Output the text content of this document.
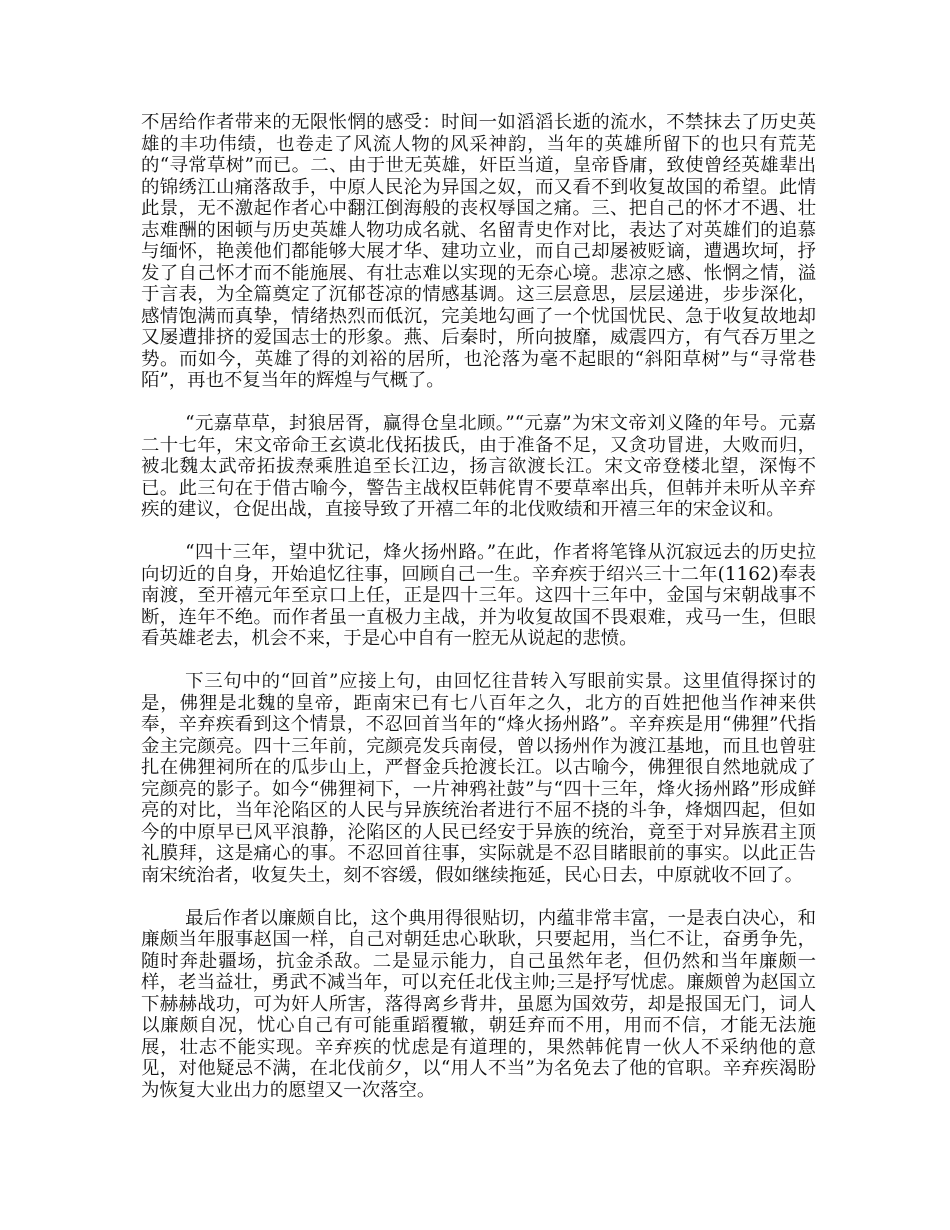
不居给作者带来的无限怅惘的感受：时间一如滔滔长逝的流水，不禁抹去了历史英雄的丰功伟绩，也卷走了风流人物的风采神韵，当年的英雄所留下的也只有荒芜的“寻常草树”而已。二、由于世无英雄，奸臣当道，皇帝昏庸，致使曾经英雄辈出的锦绣江山痛落敌手，中原人民沦为异国之奴，而又看不到收复故国的希望。此情此景，无不激起作者心中翻江倒海般的丧权辱国之痛。三、把自己的怀才不遇、壮志难酬的困顿与历史英雄人物功成名就、名留青史作对比，表达了对英雄们的追慕与缅怀，艳羡他们都能够大展才华、建功立业，而自己却屡被贬谪，遭遇坎坷，抒发了自己怀才而不能施展、有壮志难以实现的无奈心境。悲凉之感、怅惘之情，溢于言表，为全篇奠定了沉郁苍凉的情感基调。这三层意思，层层递进，步步深化，感情饱满而真挚，情绪热烈而低沉，完美地勾画了一个忧国忧民、急于收复故地却又屡遭排挤的爱国志士的形象。燕、后秦时，所向披靡，威震四方，有气吞万里之势。而如今，英雄了得的刘裕的居所，也沦落为毫不起眼的“斜阳草树”与“寻常巷陌”，再也不复当年的辉煌与气概了。

“元嘉草草，封狼居胥，赢得仓皇北顾。”“元嘉”为宋文帝刘义隆的年号。元嘉二十七年，宋文帝命王玄谟北伐拓拔氏，由于准备不足，又贪功冒进，大败而归，被北魏太武帝拓拔焘乘胜追至长江边，扬言欲渡长江。宋文帝登楼北望，深悔不已。此三句在于借古喻今，警告主战权臣韩侂胄不要草率出兵，但韩并未听从辛弃疾的建议，仓促出战，直接导致了开禧二年的北伐败绩和开禧三年的宋金议和。

“四十三年，望中犹记，烽火扬州路。”在此，作者将笔锋从沉寂远去的历史拉向切近的自身，开始追忆往事，回顾自己一生。辛弃疾于绍兴三十二年(1162)奉表南渡，至开禧元年至京口上任，正是四十三年。这四十三年中，金国与宋朝战事不断，连年不绝。而作者虽一直极力主战，并为收复故国不畏艰难，戎马一生，但眼看英雄老去，机会不来，于是心中自有一腔无从说起的悲愤。

下三句中的“回首”应接上句，由回忆往昔转入写眼前实景。这里值得探讨的是，佛狸是北魏的皇帝，距南宋已有七八百年之久，北方的百姓把他当作神来供奉，辛弃疾看到这个情景，不忍回首当年的“烽火扬州路”。辛弃疾是用“佛狸”代指金主完颜亮。四十三年前，完颜亮发兵南侵，曾以扬州作为渡江基地，而且也曾驻扎在佛狸祠所在的瓜步山上，严督金兵抢渡长江。以古喻今，佛狸很自然地就成了完颜亮的影子。如今“佛狸祠下，一片神鸦社鼓”与“四十三年，烽火扬州路”形成鲜亮的对比，当年沦陷区的人民与异族统治者进行不屈不挠的斗争，烽烟四起，但如今的中原早已风平浪静，沦陷区的人民已经安于异族的统治，竟至于对异族君主顶礼膜拜，这是痛心的事。不忍回首往事，实际就是不忍目睹眼前的事实。以此正告南宋统治者，收复失土，刻不容缓，假如继续拖延，民心日去，中原就收不回了。

最后作者以廉颇自比，这个典用得很贴切，内蕴非常丰富，一是表白决心，和廉颇当年服事赵国一样，自己对朝廷忠心耿耿，只要起用，当仁不让，奋勇争先，随时奔赴疆场，抗金杀敌。二是显示能力，自己虽然年老，但仍然和当年廉颇一样，老当益壮，勇武不减当年，可以充任北伐主帅;三是抒写忧虑。廉颇曾为赵国立下赫赫战功，可为奸人所害，落得离乡背井，虽愿为国效劳，却是报国无门，词人以廉颇自况，忧心自己有可能重蹈覆辙，朝廷弃而不用，用而不信，才能无法施展，壮志不能实现。辛弃疾的忧虑是有道理的，果然韩侂胄一伙人不采纳他的意见，对他疑忌不满，在北伐前夕，以“用人不当”为名免去了他的官职。辛弃疾渴盼为恢复大业出力的愿望又一次落空。
